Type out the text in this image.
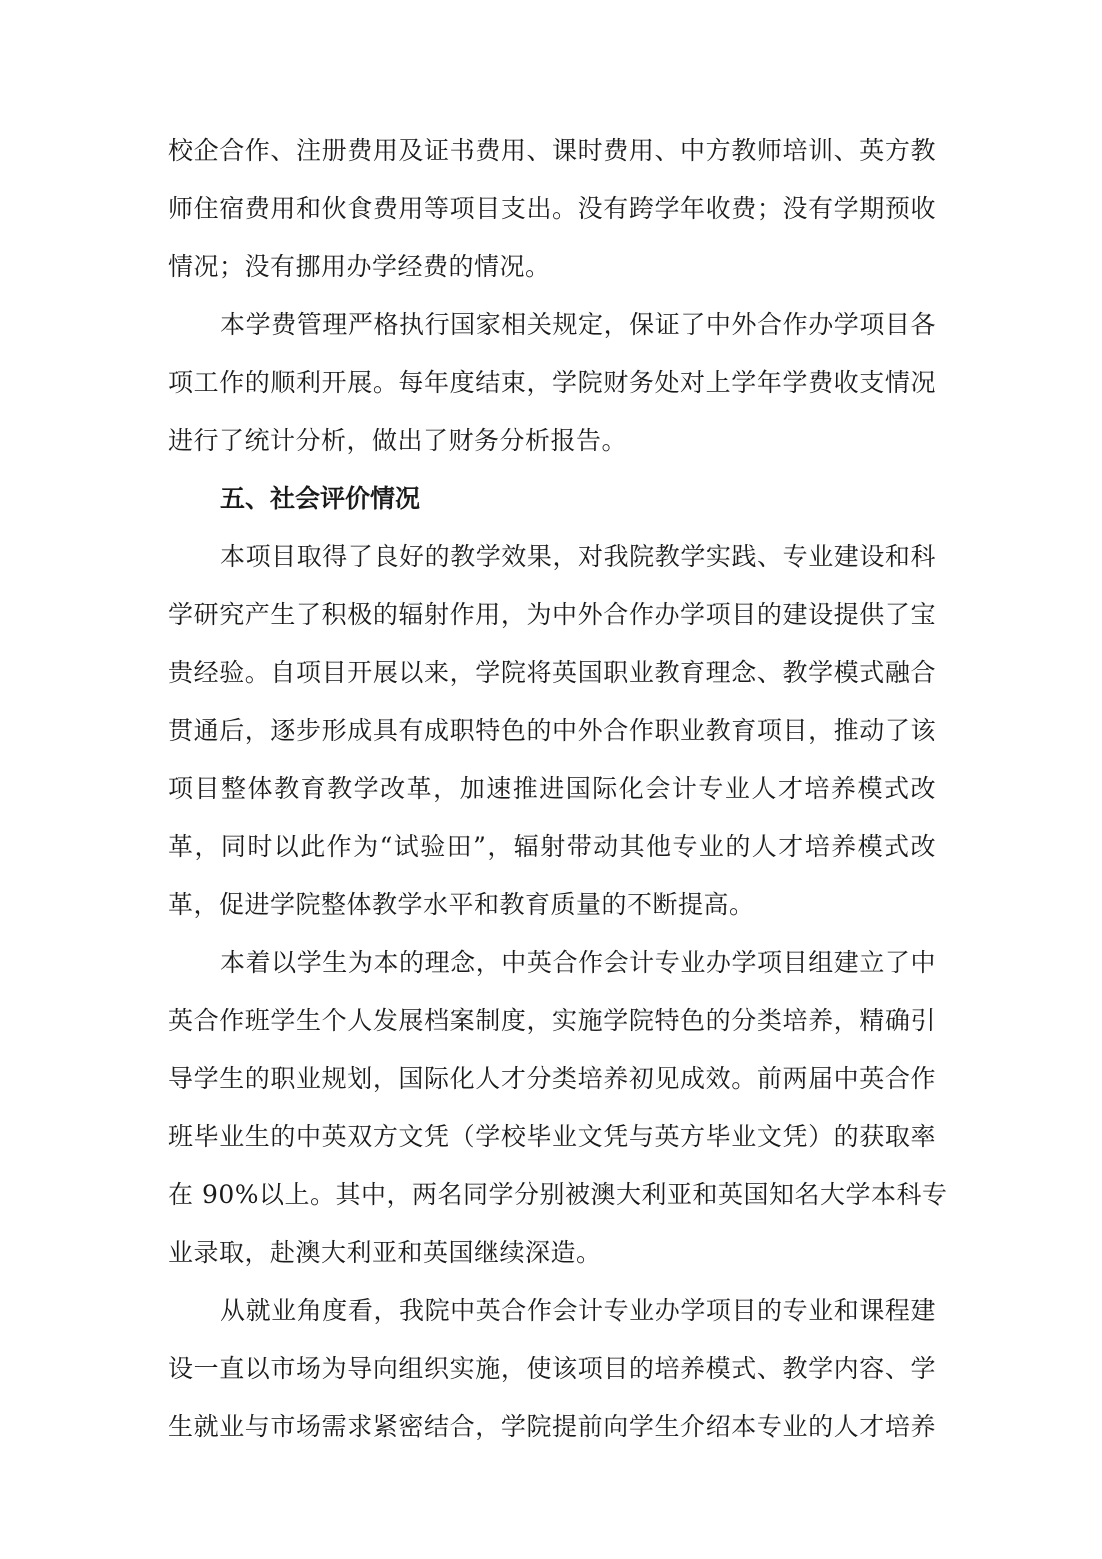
校企合作、注册费用及证书费用、课时费用、中方教师培训、英方教
师住宿费用和伙食费用等项目支出。没有跨学年收费；没有学期预收
情况；没有挪用办学经费的情况。
本学费管理严格执行国家相关规定，保证了中外合作办学项目各
项工作的顺利开展。每年度结束，学院财务处对上学年学费收支情况
进行了统计分析，做出了财务分析报告。
五、社会评价情况
本项目取得了良好的教学效果，对我院教学实践、专业建设和科
学研究产生了积极的辐射作用，为中外合作办学项目的建设提供了宝
贵经验。自项目开展以来，学院将英国职业教育理念、教学模式融合
贯通后，逐步形成具有成职特色的中外合作职业教育项目，推动了该
项目整体教育教学改革，加速推进国际化会计专业人才培养模式改
革，同时以此作为“试验田”，辐射带动其他专业的人才培养模式改
革，促进学院整体教学水平和教育质量的不断提高。
本着以学生为本的理念，中英合作会计专业办学项目组建立了中
英合作班学生个人发展档案制度，实施学院特色的分类培养，精确引
导学生的职业规划，国际化人才分类培养初见成效。前两届中英合作
班毕业生的中英双方文凭（学校毕业文凭与英方毕业文凭）的获取率
在 90%以上。其中，两名同学分别被澳大利亚和英国知名大学本科专
业录取，赴澳大利亚和英国继续深造。
从就业角度看，我院中英合作会计专业办学项目的专业和课程建
设一直以市场为导向组织实施，使该项目的培养模式、教学内容、学
生就业与市场需求紧密结合，学院提前向学生介绍本专业的人才培养
